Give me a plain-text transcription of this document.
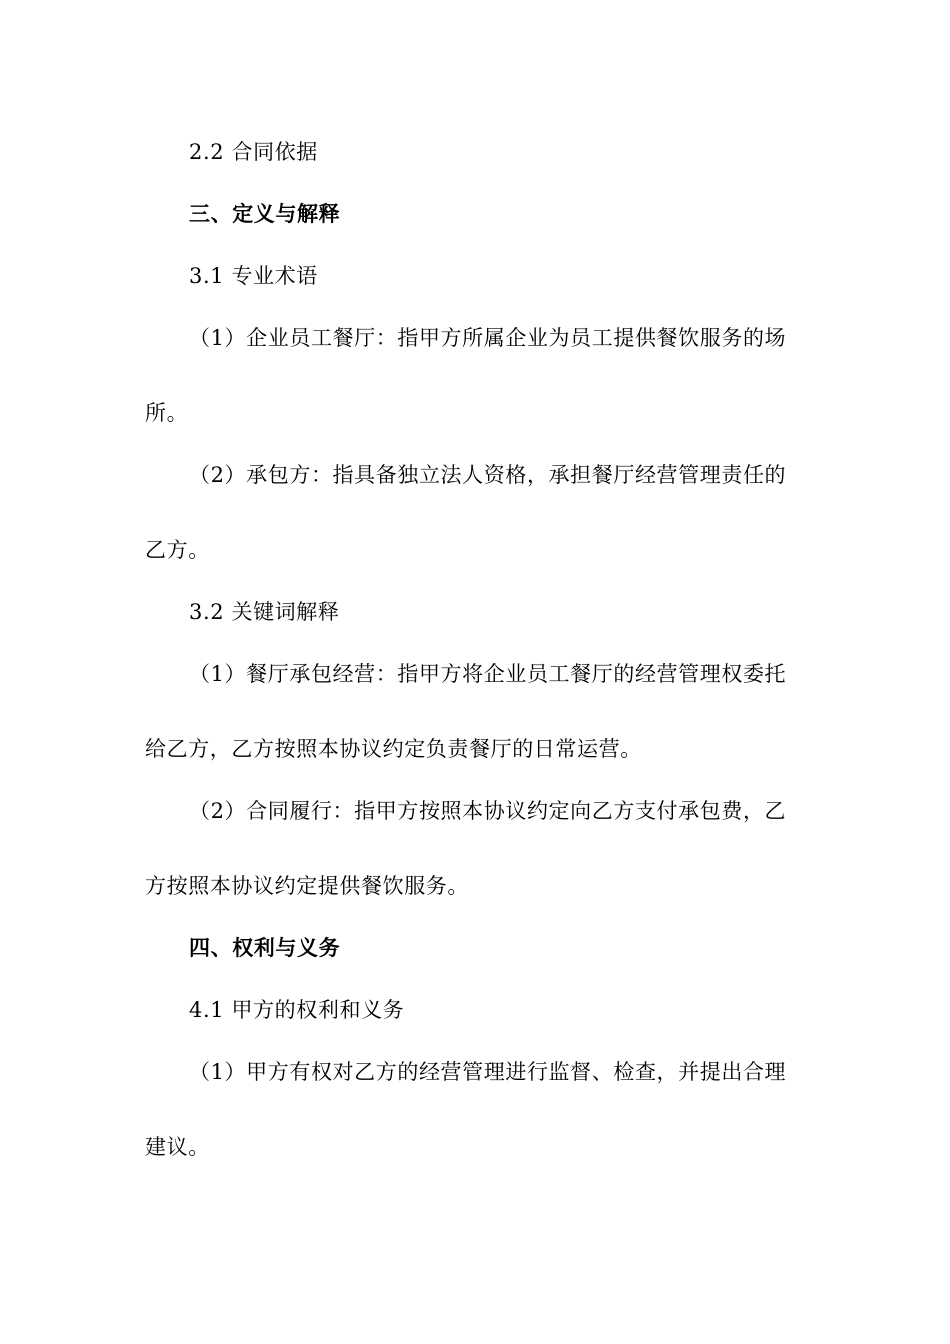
2.2 合同依据
三、定义与解释
3.1 专业术语
（1）企业员工餐厅：指甲方所属企业为员工提供餐饮服务的场
所。
（2）承包方：指具备独立法人资格，承担餐厅经营管理责任的
乙方。
3.2 关键词解释
（1）餐厅承包经营：指甲方将企业员工餐厅的经营管理权委托
给乙方，乙方按照本协议约定负责餐厅的日常运营。
（2）合同履行：指甲方按照本协议约定向乙方支付承包费，乙
方按照本协议约定提供餐饮服务。
四、权利与义务
4.1 甲方的权利和义务
（1）甲方有权对乙方的经营管理进行监督、检查，并提出合理
建议。
